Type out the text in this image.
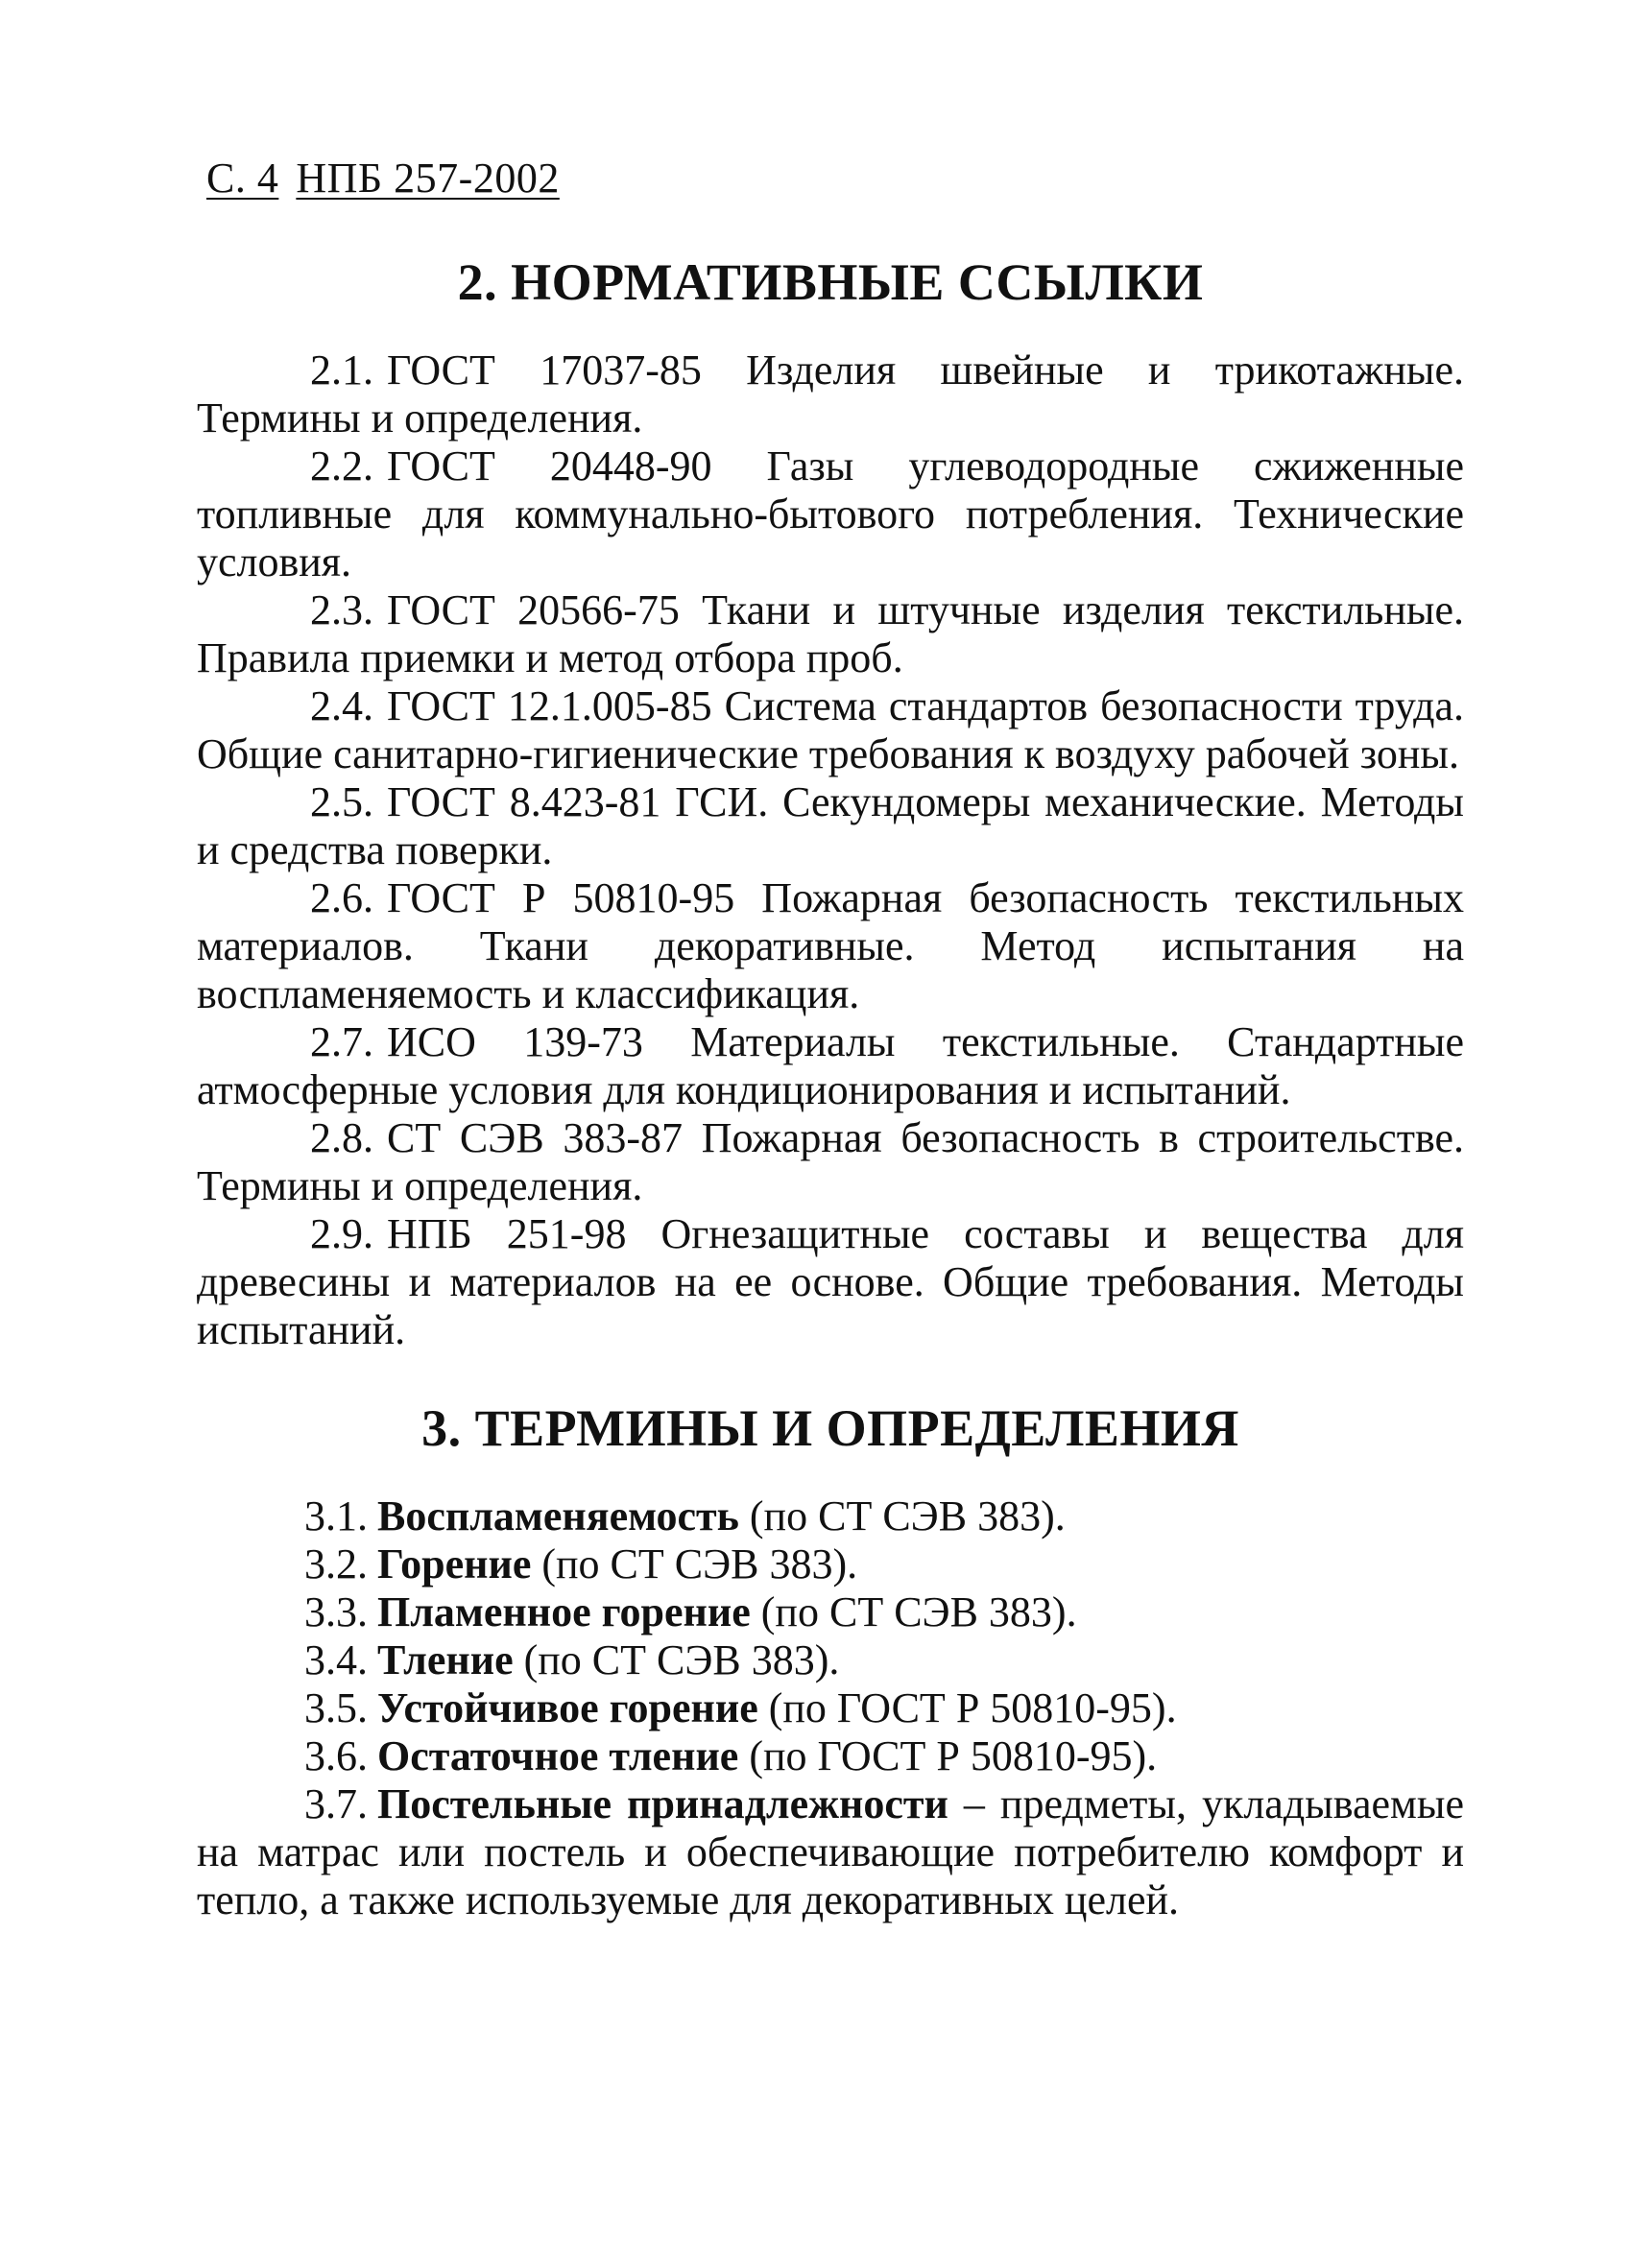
С. 4 НПБ 257-2002
2. НОРМАТИВНЫЕ ССЫЛКИ

2.1. ГОСТ 17037-85 Изделия швейные и трикотажные. Термины и определения.

2.2. ГОСТ 20448-90 Газы углеводородные сжиженные топливные для коммунально-бытового потребления. Технические условия.

2.3. ГОСТ 20566-75 Ткани и штучные изделия текстильные. Правила приемки и метод отбора проб.

2.4. ГОСТ 12.1.005-85 Система стандартов безопасности труда. Общие санитарно-гигиенические требования к воздуху рабочей зоны.

2.5. ГОСТ 8.423-81 ГСИ. Секундомеры механические. Методы и средства поверки.

2.6. ГОСТ Р 50810-95 Пожарная безопасность текстильных материалов. Ткани декоративные. Метод испытания на воспламеняемость и классификация.

2.7. ИСО 139-73 Материалы текстильные. Стандартные атмосферные условия для кондиционирования и испытаний.

2.8. СТ СЭВ 383-87 Пожарная безопасность в строительстве. Термины и определения.

2.9. НПБ 251-98 Огнезащитные составы и вещества для древесины и материалов на ее основе. Общие требования. Методы испытаний.

3. ТЕРМИНЫ И ОПРЕДЕЛЕНИЯ

3.1. Воспламеняемость (по СТ СЭВ 383).

3.2. Горение (по СТ СЭВ 383).

3.3. Пламенное горение (по СТ СЭВ 383).

3.4. Тление (по СТ СЭВ 383).

3.5. Устойчивое горение (по ГОСТ Р 50810-95).

3.6. Остаточное тление (по ГОСТ Р 50810-95).

3.7. Постельные принадлежности – предметы, укладываемые на матрас или постель и обеспечивающие потребителю комфорт и тепло, а также используемые для декоративных целей.
